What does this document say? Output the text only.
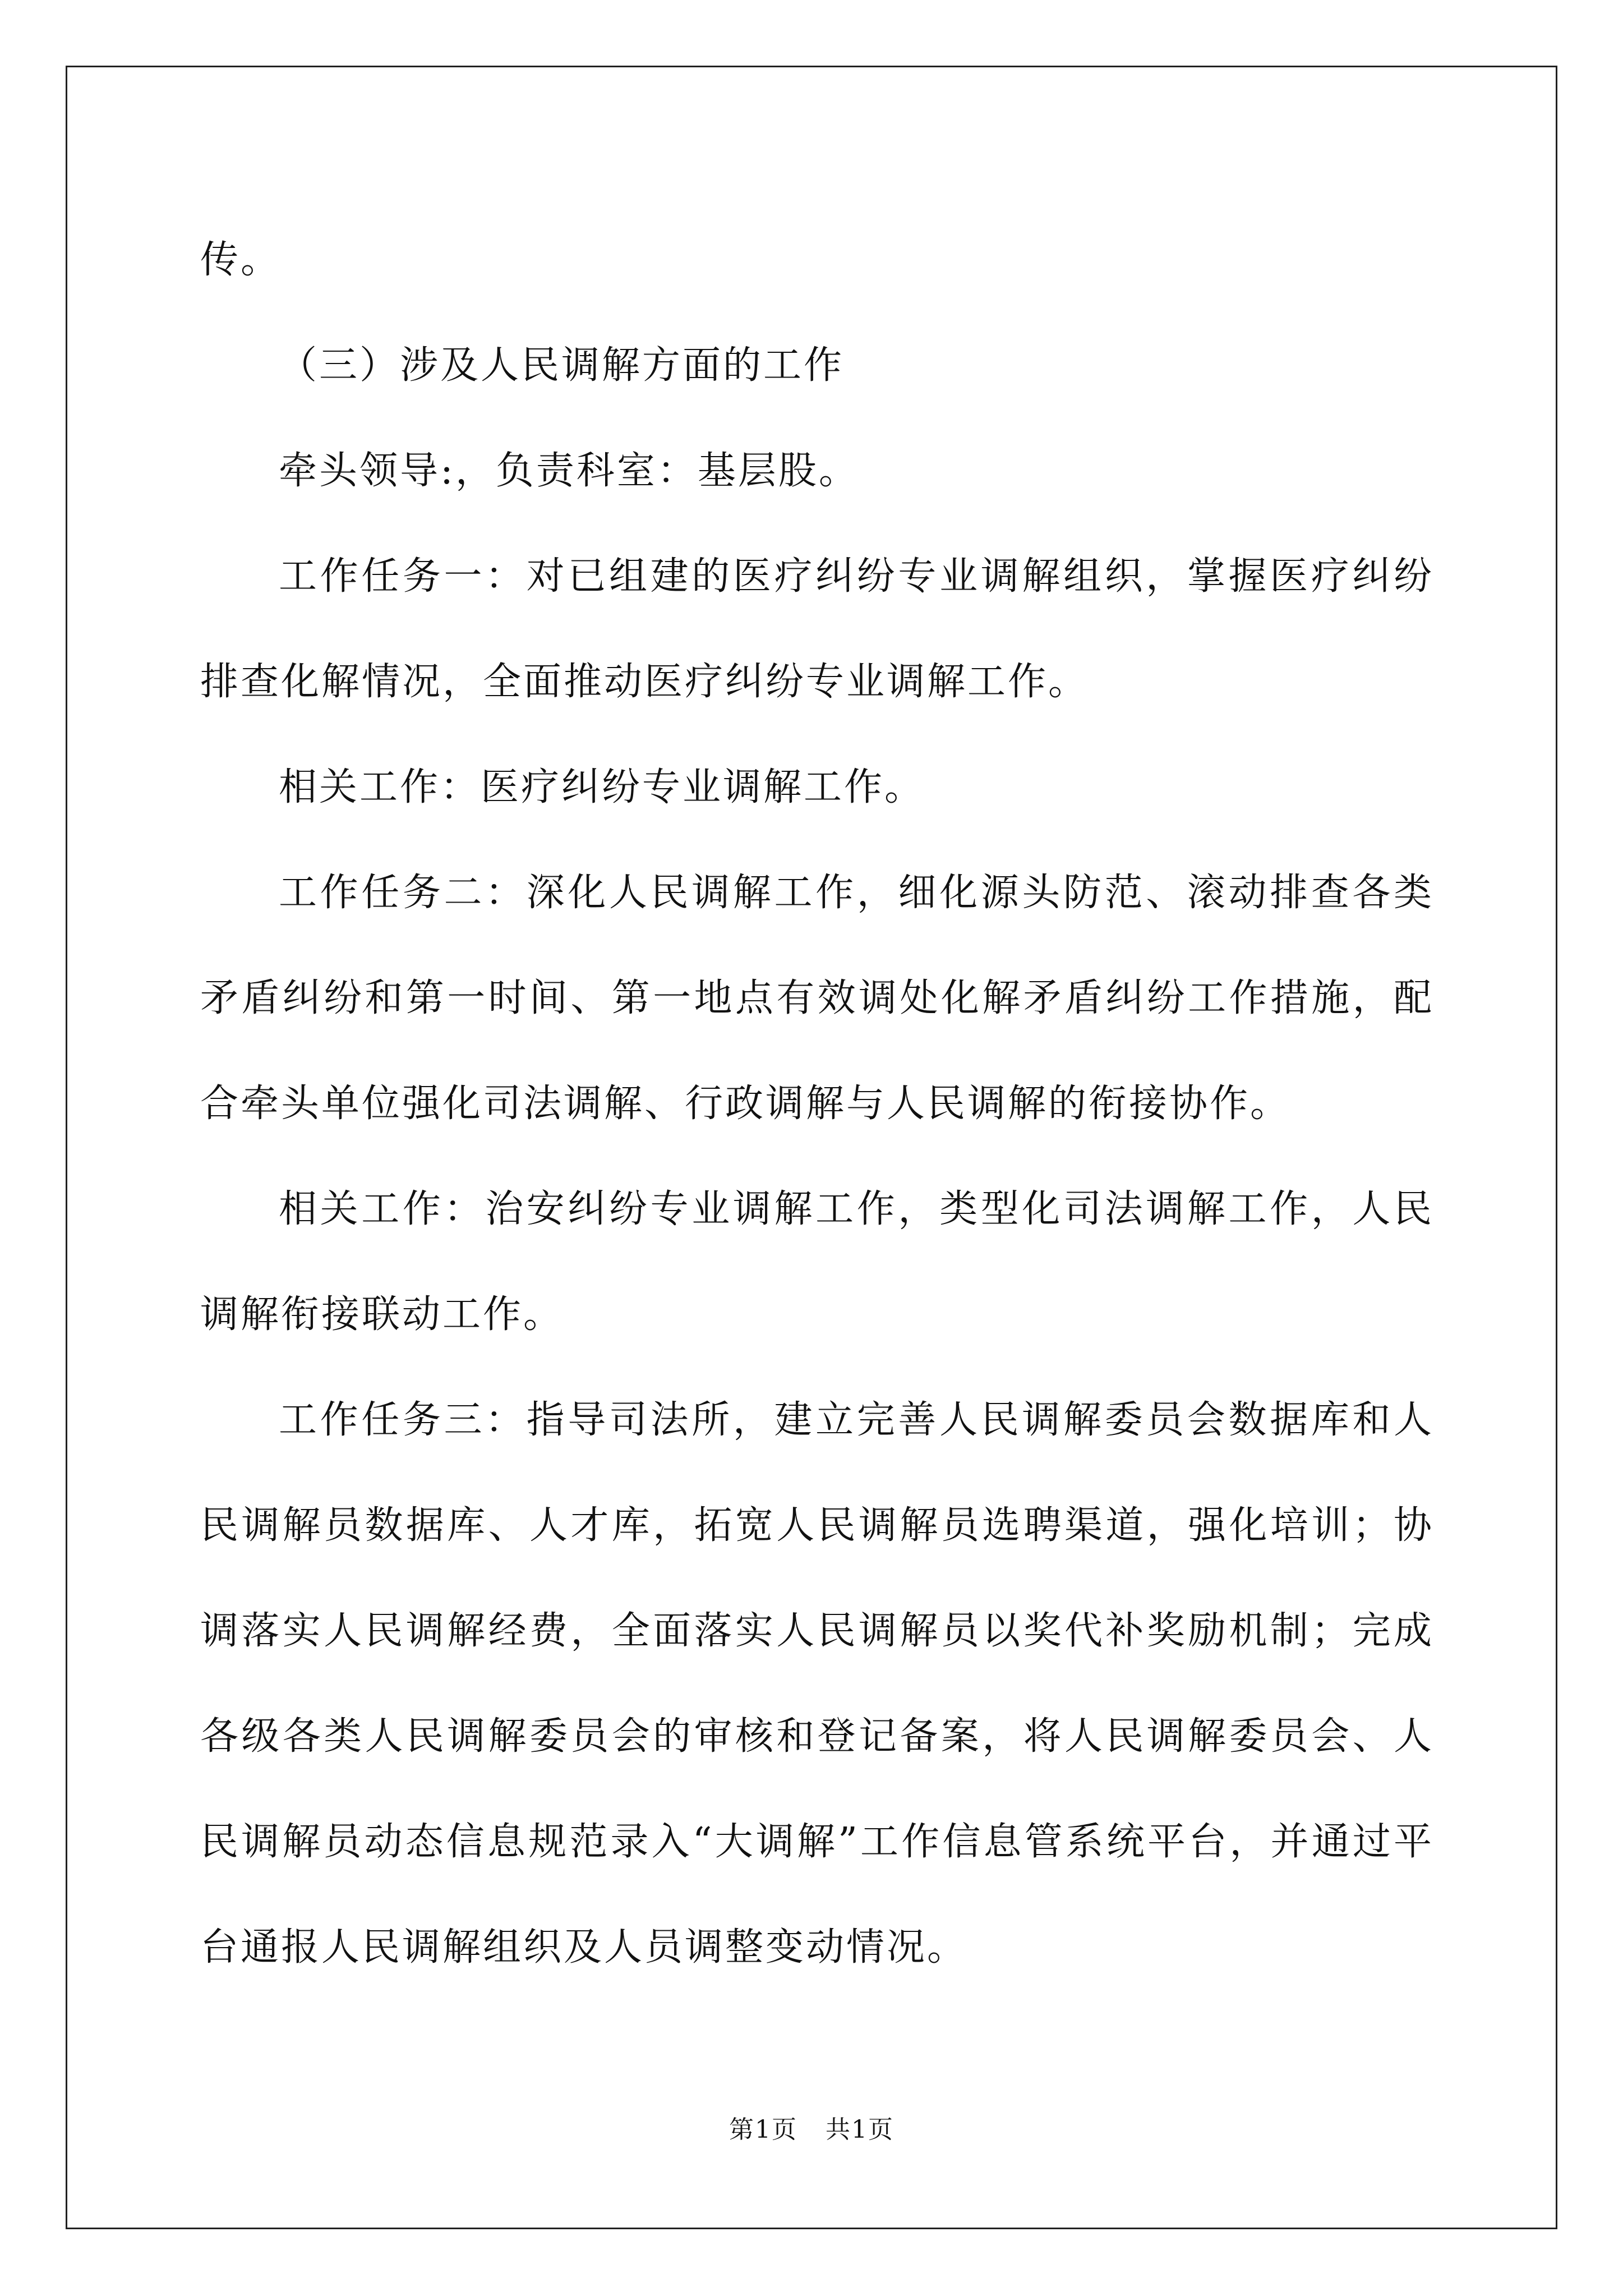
传。

（三）涉及人民调解方面的工作

牵头领导:，负责科室：基层股。

工作任务一：对已组建的医疗纠纷专业调解组织，掌握医疗纠纷排查化解情况，全面推动医疗纠纷专业调解工作。

相关工作：医疗纠纷专业调解工作。

工作任务二：深化人民调解工作，细化源头防范、滚动排查各类矛盾纠纷和第一时间、第一地点有效调处化解矛盾纠纷工作措施，配合牵头单位强化司法调解、行政调解与人民调解的衔接协作。

相关工作：治安纠纷专业调解工作，类型化司法调解工作，人民调解衔接联动工作。

工作任务三：指导司法所，建立完善人民调解委员会数据库和人民调解员数据库、人才库，拓宽人民调解员选聘渠道，强化培训；协调落实人民调解经费，全面落实人民调解员以奖代补奖励机制；完成各级各类人民调解委员会的审核和登记备案，将人民调解委员会、人民调解员动态信息规范录入“大调解”工作信息管系统平台，并通过平台通报人民调解组织及人员调整变动情况。

第1页 共1页
